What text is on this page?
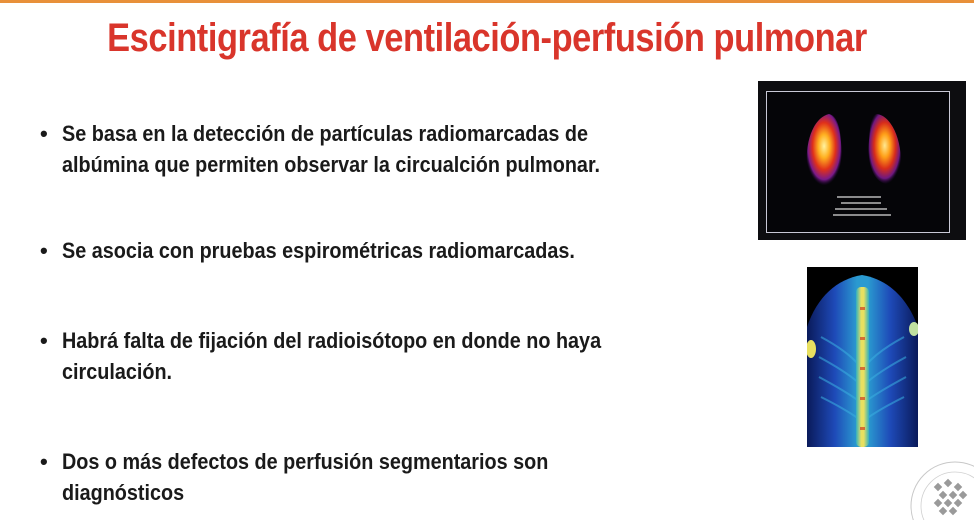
Escintigrafía de ventilación-perfusión pulmonar
• Se basa en la detección de partículas radiomarcadas de
albúmina que permiten observar la circualción pulmonar.
• Se asocia con pruebas espirométricas radiomarcadas.
• Habrá falta de fijación del radioisótopo en donde no haya
circulación.
• Dos o más defectos de perfusión segmentarios son diagnósticos
